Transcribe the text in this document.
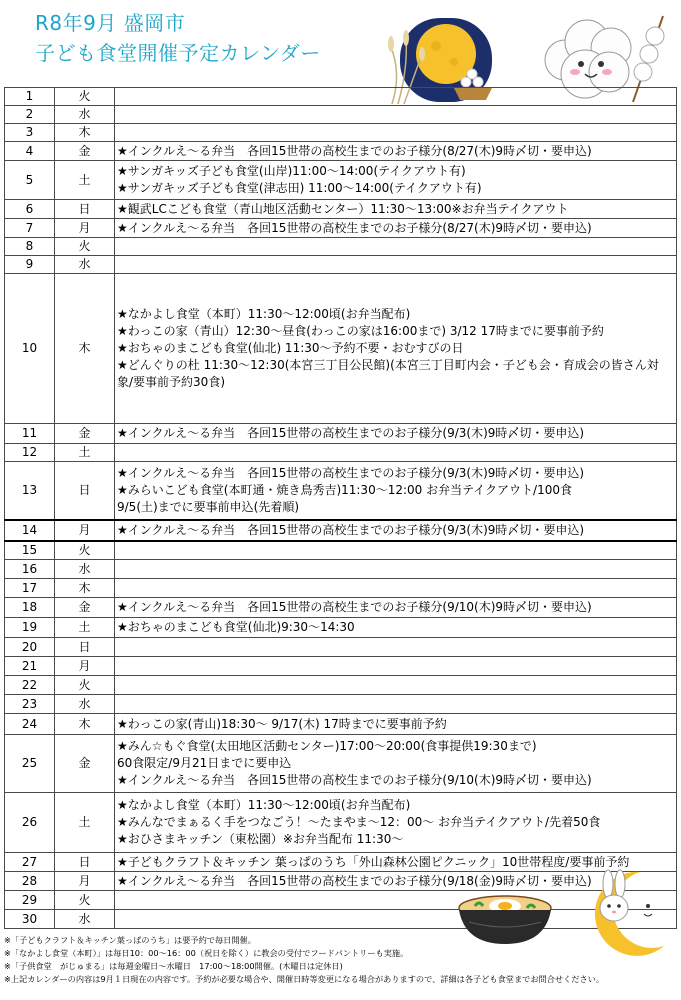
R8年9月 盛岡市
子ども食堂開催予定カレンダー
1	火	
2	水	
3	木	
4	金	★インクルえ～る弁当　各回15世帯の高校生までのお子様分(8/27(木)9時〆切・要申込)

5	土	★サンガキッズ子ども食堂(山岸)11:00～14:00(テイクアウト有)
★サンガキッズ子ども食堂(津志田) 11:00～14:00(テイクアウト有)

6	日	★観武LCこども食堂（青山地区活動センター）11:30～13:00※お弁当テイクアウト

7	月	★インクルえ～る弁当　各回15世帯の高校生までのお子様分(8/27(木)9時〆切・要申込)

8	火	
9	水	
10	木	★なかよし食堂（本町）11:30～12:00頃(お弁当配布)
★わっこの家（青山）12:30～昼食(わっこの家は16:00まで) 3/12 17時までに要事前予約
★おちゃのまこども食堂(仙北) 11:30～予約不要・おむすびの日
★どんぐりの杜 11:30～12:30(本宮三丁目公民館)(本宮三丁目町内会・子ども会・育成会の皆さん対象/要事前予約30食)

11	金	★インクルえ～る弁当　各回15世帯の高校生までのお子様分(9/3(木)9時〆切・要申込)

12	土	
13	日	★インクルえ～る弁当　各回15世帯の高校生までのお子様分(9/3(木)9時〆切・要申込)
★みらいこども食堂(本町通・焼き鳥秀吉)11:30～12:00 お弁当テイクアウト/100食
9/5(土)までに要事前申込(先着順)

14	月	★インクルえ～る弁当　各回15世帯の高校生までのお子様分(9/3(木)9時〆切・要申込)

15	火	
16	水	
17	木	
18	金	★インクルえ～る弁当　各回15世帯の高校生までのお子様分(9/10(木)9時〆切・要申込)

19	土	★おちゃのまこども食堂(仙北)9:30～14:30

20	日	
21	月	
22	火	
23	水	
24	木	★わっこの家(青山)18:30～ 9/17(木) 17時までに要事前予約

25	金	★みん☆もぐ食堂(太田地区活動センター)17:00～20:00(食事提供19:30まで)
60食限定/9月21日までに要申込
★インクルえ～る弁当　各回15世帯の高校生までのお子様分(9/10(木)9時〆切・要申込)

26	土	★なかよし食堂（本町）11:30～12:00頃(お弁当配布)
★みんなでまぁるく手をつなごう！～たまやま～12：00～ お弁当テイクアウト/先着50食
★おひさまキッチン（東松園）※お弁当配布 11:30～

27	日	★子どもクラフト＆キッチン 葉っぱのうち「外山森林公園ピクニック」10世帯程度/要事前予約

28	月	★インクルえ～る弁当　各回15世帯の高校生までのお子様分(9/18(金)9時〆切・要申込)

29	火	
30	水	
※「子どもクラフト＆キッチン葉っぱのうち」は要予約で毎日開催。
※「なかよし食堂（本町）」は毎日10：00～16：00（祝日を除く）に教会の受付でフードパントリーも実施。
※「子供食堂　がじゅまる」は毎週金曜日～水曜日　17:00～18:00開催。(木曜日は定休日)
※上記カレンダーの内容は9月１日現在の内容です。予約が必要な場合や、開催日時等変更になる場合がありますので、詳細は各子ども食堂までお問合せください。
